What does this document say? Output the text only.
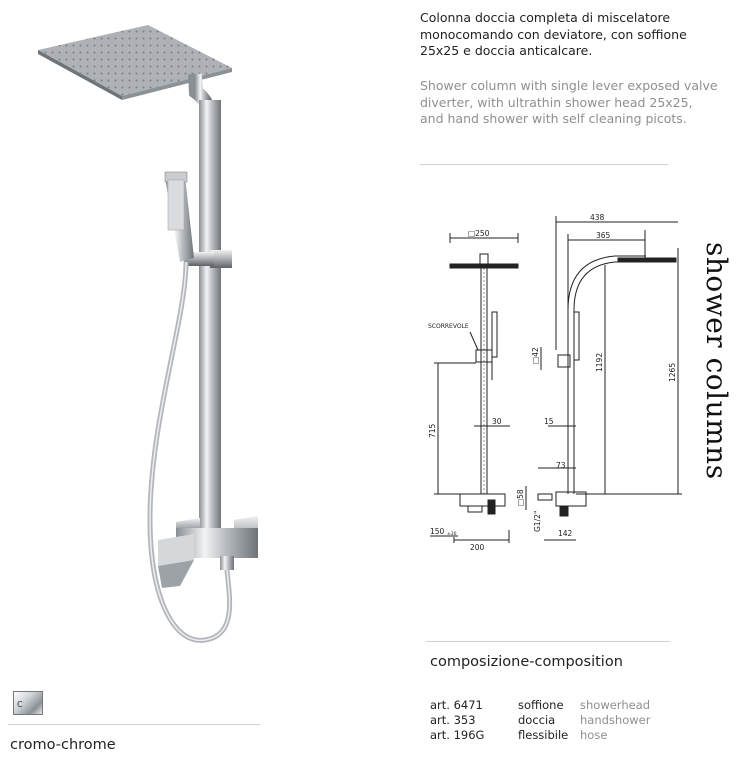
Colonna doccia completa di miscelatore monocomando con deviatore, con soffione 25x25 e doccia anticalcare.
Shower column with single lever exposed valve diverter, with ultrathin shower head 25x25, and hand shower with self cleaning picots.
□250
SCORREVOLE
715
30
150 ±30
200
438
365
1192
1265
□42
15
73
□58
G1/2"
142
shower columns
composizione-composition
art. 6471	soffione showerhead
art. 353	doccia handshower
art. 196G	flessibile hose
C
cromo-chrome
